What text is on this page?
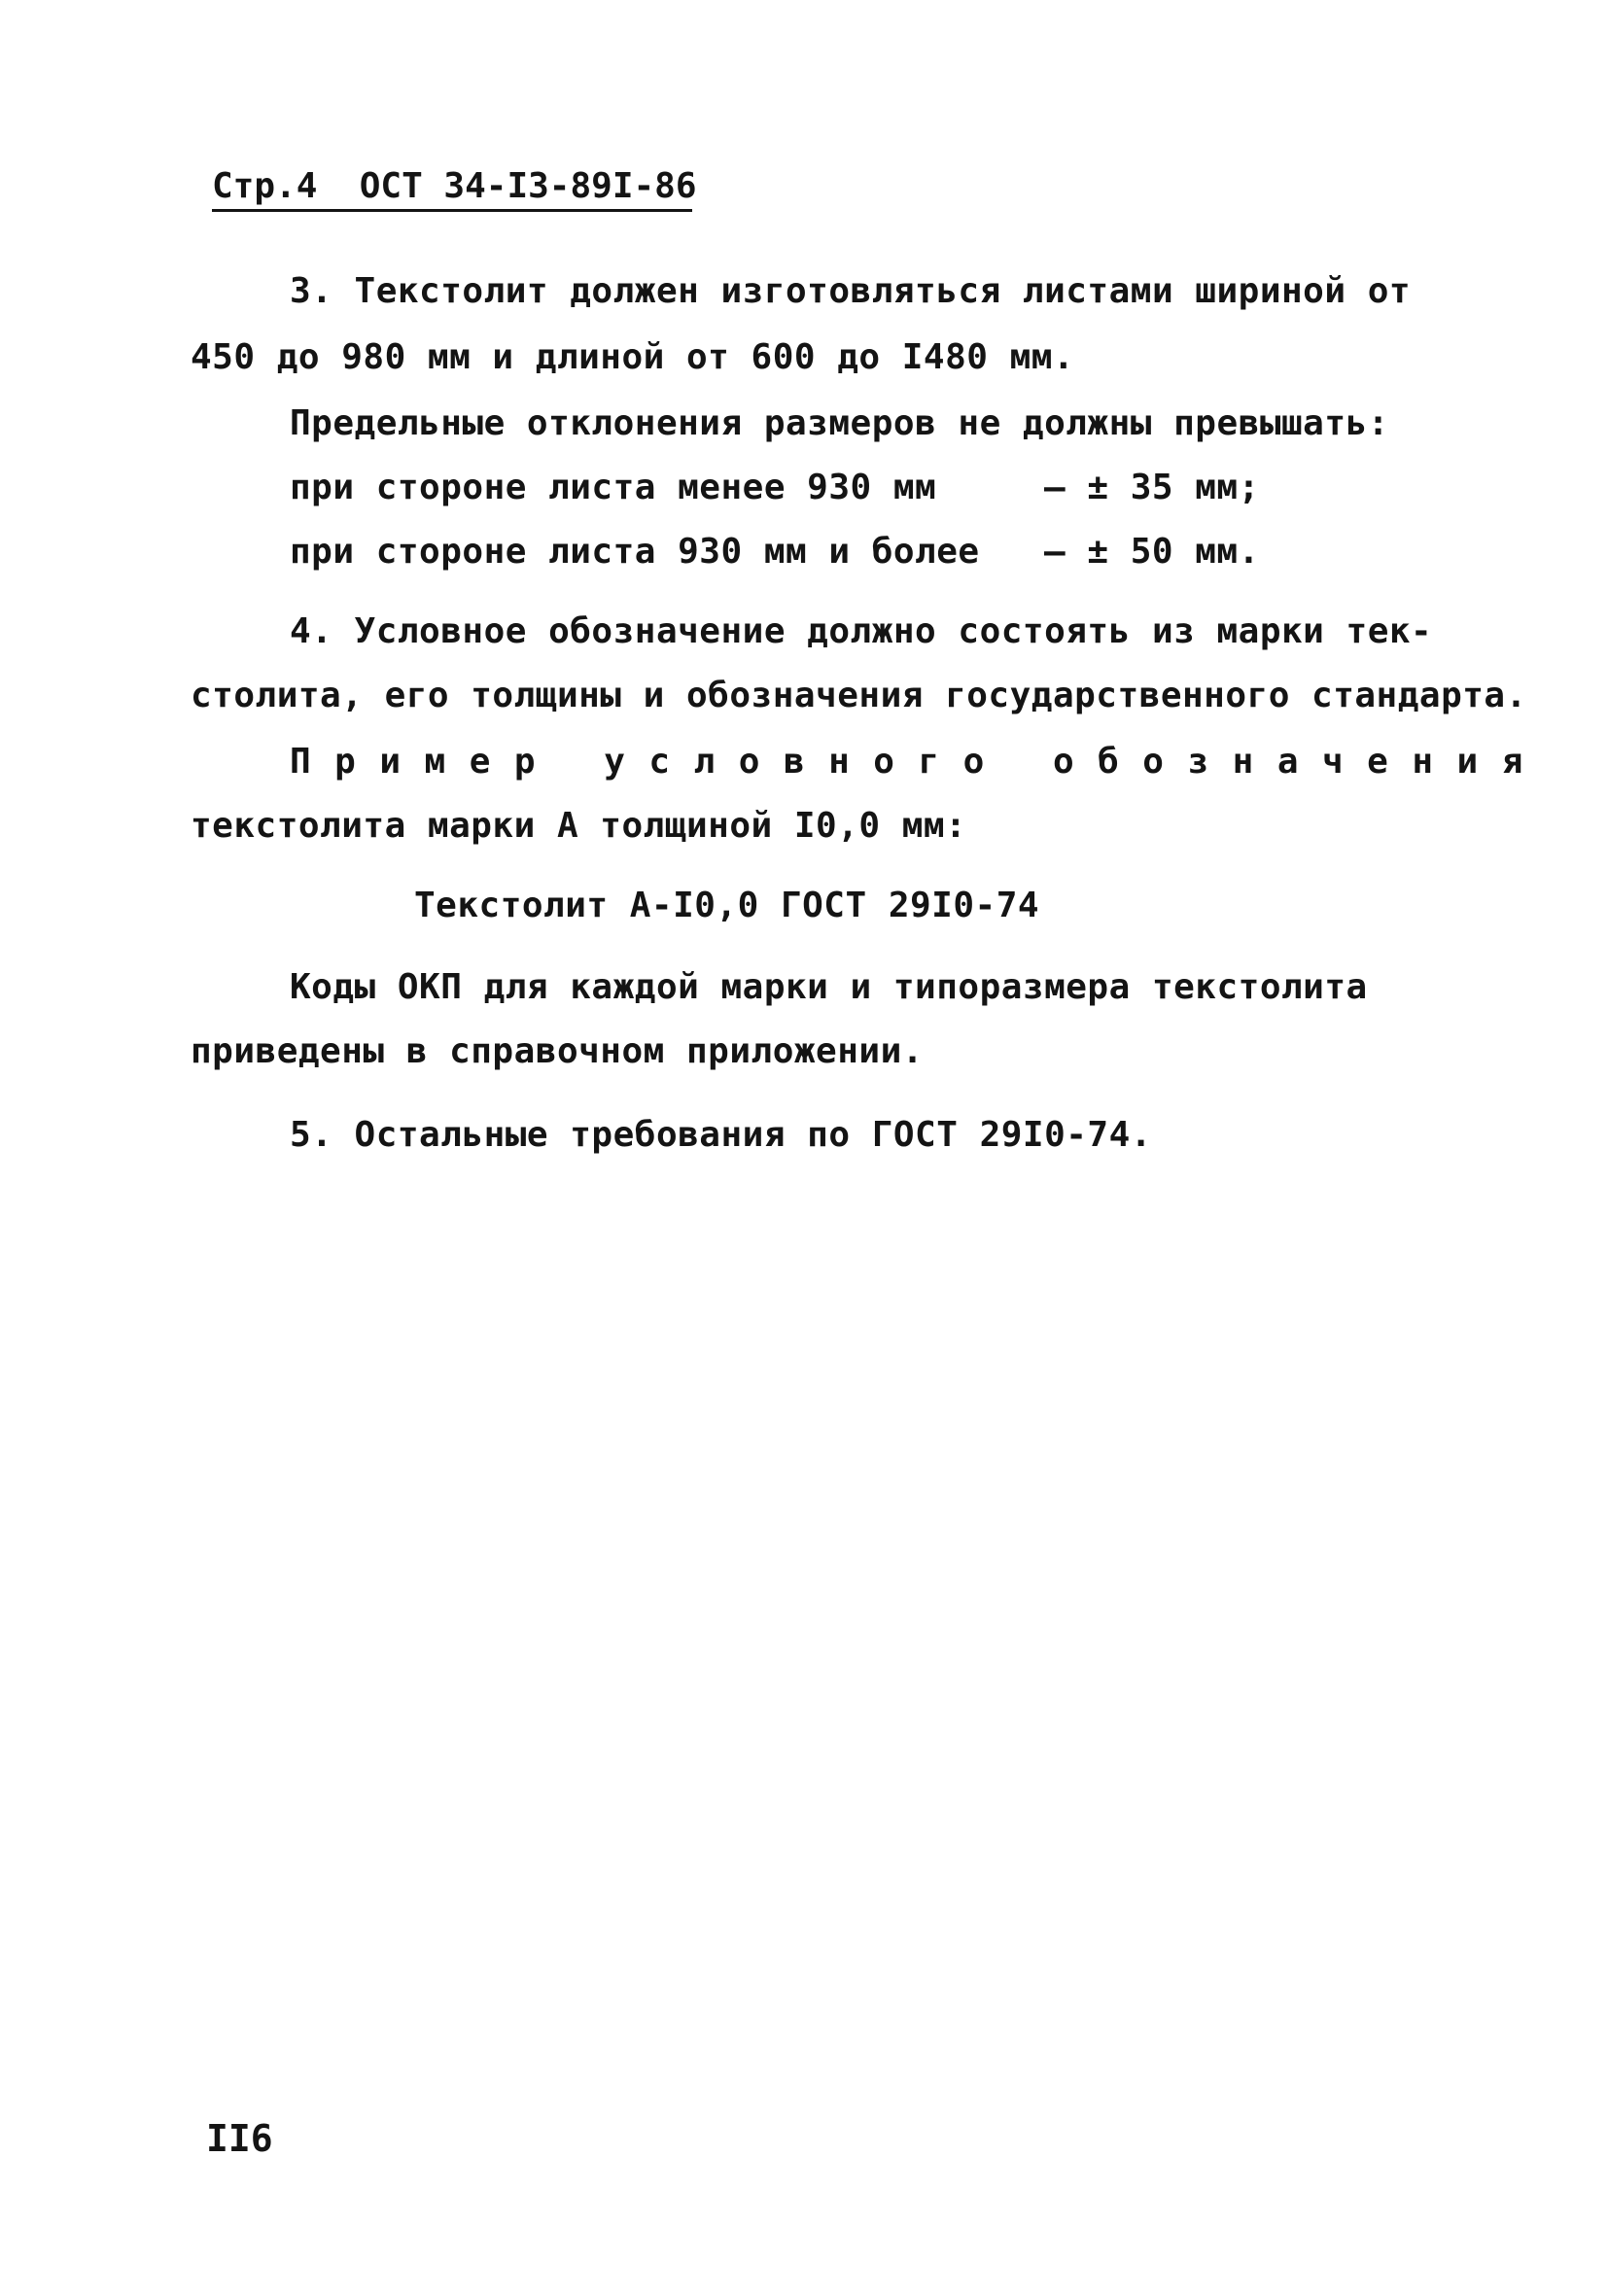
Стр.4 ОСТ 34-I3-89I-86
3. Текстолит должен изготовляться листами шириной от
450 до 980 мм и длиной от 600 до I480 мм.
Предельные отклонения размеров не должны превышать:
при стороне листа менее 930 мм	– ± 35 мм;
при стороне листа 930 мм и более – ± 50 мм.
4. Условное обозначение должно состоять из марки тек-
столита, его толщины и обозначения государственного стандарта.
Пример условного обозначения
текстолита марки А толщиной I0,0 мм:
Текстолит А-I0,0 ГОСТ 29I0-74
Коды ОКП для каждой марки и типоразмера текстолита
приведены в справочном приложении.
5. Остальные требования по ГОСТ 29I0-74.
II6
